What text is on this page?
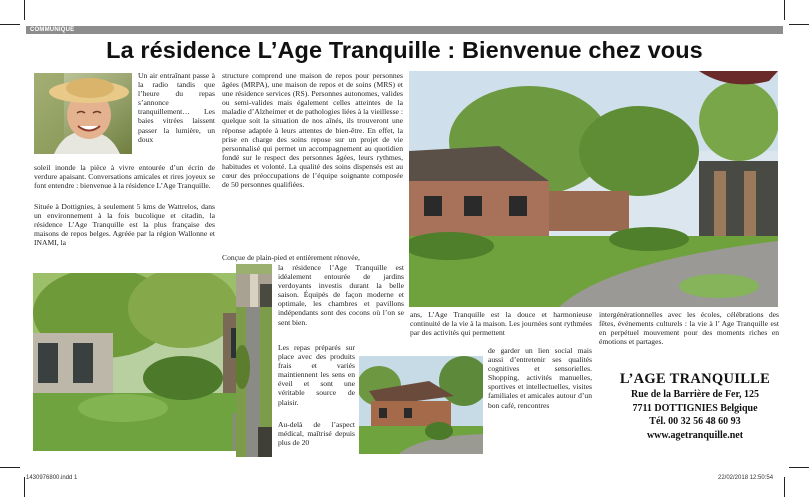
COMMUNIQUÉ
La résidence L’Age Tranquille : Bienvenue chez vous

Un air entraînant passe à la radio tandis que l’heure du repas s’annonce tranquillement… Les baies vitrées laissent passer la lumière, un doux

soleil inonde la pièce à vivre entourée d’un écrin de verdure apaisant. Conversations amicales et rires joyeux se font entendre : bienvenue à la résidence L’Age Tranquille.

Située à Dottignies, à seulement 5 kms de Wattrelos, dans un environnement à la fois bucolique et citadin, la résidence L’Age Tranquille est la plus française des maisons de repos belges. Agréée par la région Wallonne et INAMI, la

structure comprend une maison de repos pour personnes âgées (MRPA), une maison de repos et de soins (MRS) et une résidence services (RS). Personnes autonomes, valides ou semi-valides mais également celles atteintes de la maladie d’Alzheimer et de pathologies liées à la vieillesse : quelque soit la situation de nos aînés, ils trouveront une réponse adaptée à leurs attentes de bien-être. En effet, la prise en charge des soins repose sur un projet de vie personnalisé qui permet un accompagnement au quotidien fondé sur le respect des personnes âgées, leurs rythmes, habitudes et volonté. La qualité des soins dispensés est au cœur des préoccupations de l’équipe soignante composée de 50 personnes qualifiées.

Conçue de plain-pied et entièrement rénovée,

la résidence l’Age Tranquille est idéalement entourée de jardins verdoyants investis durant la belle saison. Équipés de façon moderne et optimale, les chambres et pavillons indépendants sont des cocons où l’on se sent bien.

Les repas préparés sur place avec des produits frais et variés maintiennent les sens en éveil et sont une véritable source de plaisir.

Au-delà de l’aspect médical, maîtrisé depuis plus de 20

ans, L’Age Tranquille est la douce et harmonieuse continuité de la vie à la maison. Les journées sont rythmées par des activités qui permettent

de garder un lien social mais aussi d’entretenir ses qualités cognitives et sensorielles. Shopping, activités manuelles, sportives et intellectuelles, visites familiales et amicales autour d’un bon café, rencontres

intergénérationnelles avec les écoles, célébrations des fêtes, événements culturels : la vie à l’ Age Tranquille est en perpétuel mouvement pour des moments riches en émotions et partages.

L’AGE TRANQUILLE
Rue de la Barrière de Fer, 125
7711 DOTTIGNIES Belgique
Tél. 00 32 56 48 60 93
www.agetranquille.net
1430976800.indd 1	22/02/2018 12:50:54
